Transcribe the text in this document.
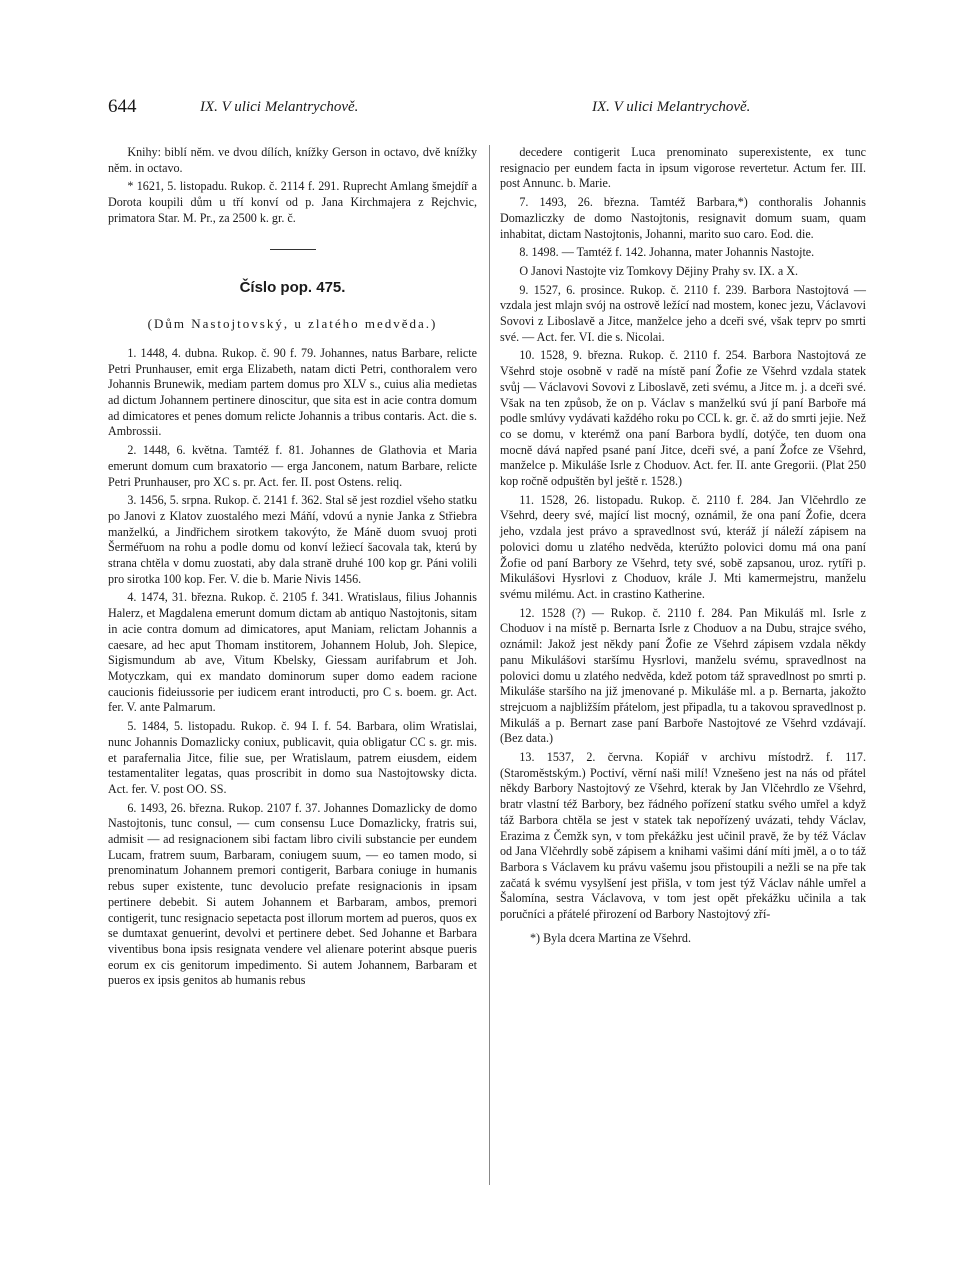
644	IX. V ulici Melantrychově.	IX. V ulici Melantrychově.

Knihy: biblí něm. ve dvou dílích, knížky Gerson in octavo, dvě knížky něm. in octavo.

* 1621, 5. listopadu. Rukop. č. 2114 f. 291. Ruprecht Amlang šmejdíř a Dorota koupili dům u tří konví od p. Jana Kirchmajera z Rejchvic, primatora Star. M. Pr., za 2500 k. gr. č.

Číslo pop. 475.

(Dům Nastojtovský, u zlatého medvěda.)

1. 1448, 4. dubna. Rukop. č. 90 f. 79. Johannes, natus Barbare, relicte Petri Prunhauser, emit erga Elizabeth, natam dicti Petri, conthoralem vero Johannis Brunewik, mediam partem domus pro XLV s., cuius alia medietas ad dictum Johannem pertinere dinoscitur, que sita est in acie contra domum ad dimicatores et penes domum relicte Johannis a tribus contaris. Act. die s. Ambrossii.

2. 1448, 6. května. Tamtéž f. 81. Johannes de Glathovia et Maria emerunt domum cum braxatorio — erga Janconem, natum Barbare, relicte Petri Prunhauser, pro XC s. pr. Act. fer. II. post Ostens. reliq.

3. 1456, 5. srpna. Rukop. č. 2141 f. 362. Stal sě jest rozdiel všeho statku po Janovi z Klatov zuostalého mezi Máňí, vdovú a nynie Janka z Střiebra manželkú, a Jindřichem sirotkem takovýto, že Máně duom svuoj proti Šerméřuom na rohu a podle domu od konví ležiecí šacovala tak, kterú by strana chtěla v domu zuostati, aby dala straně druhé 100 kop gr. Páni volili pro sirotka 100 kop. Fer. V. die b. Marie Nivis 1456.

4. 1474, 31. března. Rukop. č. 2105 f. 341. Wratislaus, filius Johannis Halerz, et Magdalena emerunt domum dictam ab antiquo Nastojtonis, sitam in acie contra domum ad dimicatores, aput Maniam, relictam Johannis a caesare, ad hec aput Thomam institorem, Johannem Holub, Joh. Slepice, Sigismundum ab ave, Vitum Kbelsky, Giessam aurifabrum et Joh. Motyczkam, qui ex mandato dominorum super domo eadem racione caucionis fideiussorie per iudicem erant introducti, pro C s. boem. gr. Act. fer. V. ante Palmarum.

5. 1484, 5. listopadu. Rukop. č. 94 I. f. 54. Barbara, olim Wratislai, nunc Johannis Domazlicky coniux, publicavit, quia obligatur CC s. gr. mis. et parafernalia Jitce, filie sue, per Wratislaum, patrem eiusdem, eidem testamentaliter legatas, quas proscribit in domo sua Nastojtowsky dicta. Act. fer. V. post OO. SS.

6. 1493, 26. března. Rukop. 2107 f. 37. Johannes Domazlicky de domo Nastojtonis, tunc consul, — cum consensu Luce Domazlicky, fratris sui, admisit — ad resignacionem sibi factam libro civili substancie per eundem Lucam, fratrem suum, Barbaram, coniugem suum, — eo tamen modo, si prenominatum Johannem premori contigerit, Barbara coniuge in humanis rebus super existente, tunc devolucio prefate resignacionis in ipsam pertinere debebit. Si autem Johannem et Barbaram, ambos, premori contigerit, tunc resignacio sepetacta post illorum mortem ad pueros, quos ex se dumtaxat genuerint, devolvi et pertinere debet. Sed Johanne et Barbara viventibus bona ipsis resignata vendere vel alienare poterint absque pueris eorum ex cis genitorum impedimento. Si autem Johannem, Barbaram et pueros ex ipsis genitos ab humanis rebus

decedere contigerit Luca prenominato superexistente, ex tunc resignacio per eundem facta in ipsum vigorose revertetur. Actum fer. III. post Annunc. b. Marie.

7. 1493, 26. března. Tamtéž Barbara,*) conthoralis Johannis Domazliczky de domo Nastojtonis, resignavit domum suam, quam inhabitat, dictam Nastojtonis, Johanni, marito suo caro. Eod. die.

8. 1498. — Tamtéž f. 142. Johanna, mater Johannis Nastojte.

O Janovi Nastojte viz Tomkovy Dějiny Prahy sv. IX. a X.

9. 1527, 6. prosince. Rukop. č. 2110 f. 239. Barbora Nastojtová — vzdala jest mlajn svój na ostrově ležící nad mostem, konec jezu, Václavovi Sovovi z Liboslavě a Jitce, manželce jeho a dceři své, však teprv po smrti své. — Act. fer. VI. die s. Nicolai.

10. 1528, 9. března. Rukop. č. 2110 f. 254. Barbora Nastojtová ze Všehrd stoje osobně v radě na místě paní Žofie ze Všehrd vzdala statek svůj — Václavovi Sovovi z Liboslavě, zeti svému, a Jitce m. j. a dceři své. Však na ten způsob, že on p. Václav s manželkú svú jí paní Barboře má podle smlúvy vydávati každého roku po CCL k. gr. č. až do smrti jejie. Než co se domu, v kterémž ona paní Barbora bydlí, dotýče, ten duom ona mocně dává napřed psané paní Jitce, dceři své, a paní Žofce ze Všehrd, manželce p. Mikuláše Isrle z Choduov. Act. fer. II. ante Gregorii. (Plat 250 kop ročně odpuštěn byl ještě r. 1528.)

11. 1528, 26. listopadu. Rukop. č. 2110 f. 284. Jan Vlčehrdlo ze Všehrd, deery své, mající list mocný, oznámil, že ona paní Žofie, dcera jeho, vzdala jest právo a spravedlnost svú, kteráž jí náleží zápisem na polovici domu u zlatého nedvěda, kterúžto polovici domu má ona paní Žofie od paní Barbory ze Všehrd, tety své, sobě zapsanou, uroz. rytíři p. Mikulášovi Hysrlovi z Choduov, krále J. Mti kamermejstru, manželu svému milému. Act. in crastino Katherine.

12. 1528 (?) — Rukop. č. 2110 f. 284. Pan Mikuláš ml. Isrle z Choduov i na místě p. Bernarta Isrle z Choduov a na Dubu, strajce svého, oznámil: Jakož jest někdy paní Žofie ze Všehrd zápisem vzdala někdy panu Mikulášovi staršímu Hysrlovi, manželu svému, spravedlnost na polovici domu u zlatého nedvěda, kdež potom táž spravedlnost po smrti p. Mikuláše staršího na již jmenované p. Mikuláše ml. a p. Bernarta, jakožto strejcuom a najbližším přátelom, jest připadla, tu a takovou spravedlnost p. Mikuláš a p. Bernart zase paní Barboře Nastojtové ze Všehrd vzdávají. (Bez data.)

13. 1537, 2. června. Kopiář v archivu místodrž. f. 117. (Staroměstským.) Poctiví, věrní naši milí! Vznešeno jest na nás od přátel někdy Barbory Nastojtový ze Všehrd, kterak by Jan Vlčehrdlo ze Všehrd, bratr vlastní též Barbory, bez řádného pořízení statku svého umřel a když táž Barbora chtěla se jest v statek tak nepořízený uvázati, tehdy Václav, Erazima z Čemžk syn, v tom překážku jest učinil pravě, že by též Václav od Jana Vlčehrdly sobě zápisem a knihami vašimi dání míti jměl, a o to táž Barbora s Václavem ku právu vašemu jsou přistoupili a nežli se na pře tak začatá k svému vysylšení jest přišla, v tom jest týž Václav náhle umřel a Šalomína, sestra Václavova, v tom jest opět překážku učinila a tak poručníci a přátelé přirození od Barbory Nastojtový zří-

*) Byla dcera Martina ze Všehrd.
